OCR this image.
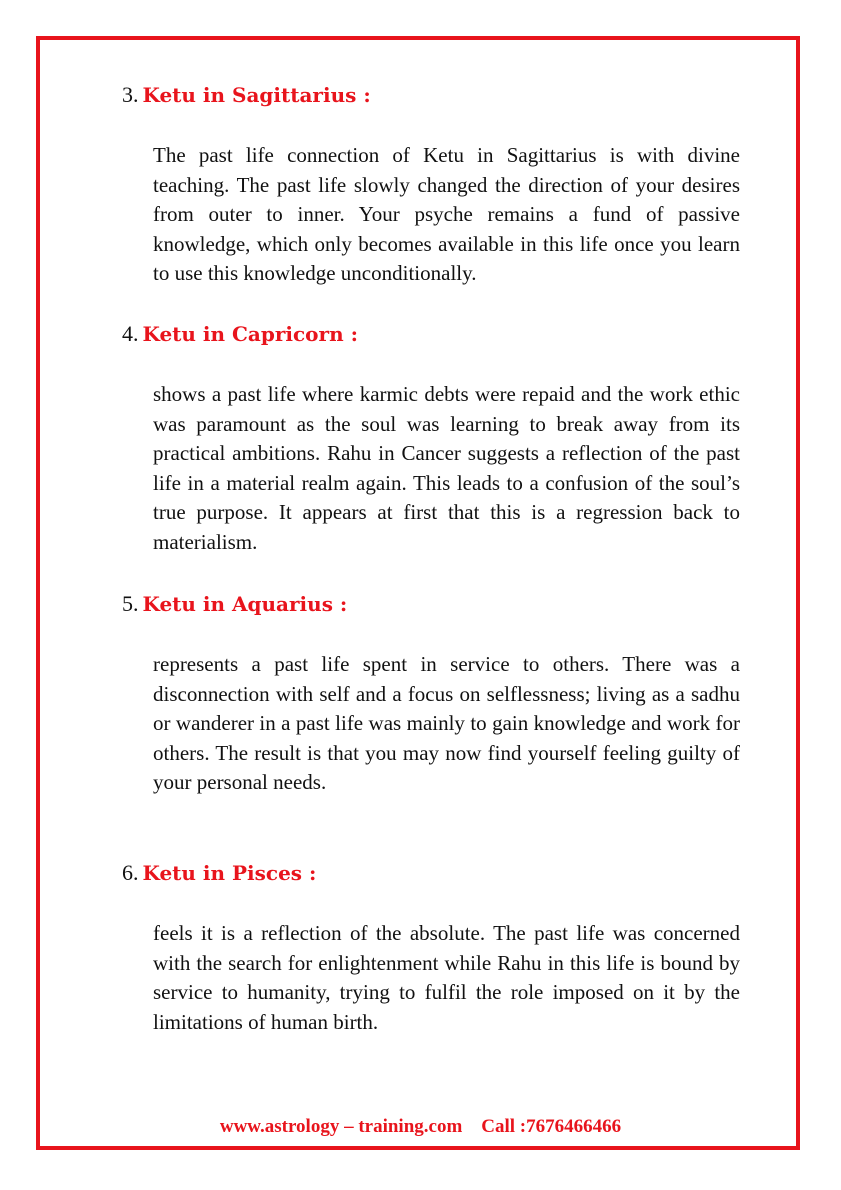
3. Ketu in Sagittarius :

The past life connection of Ketu in Sagittarius is with divine teaching. The past life slowly changed the direction of your desires from outer to inner. Your psyche remains a fund of passive knowledge, which only becomes available in this life once you learn to use this knowledge unconditionally.

4. Ketu in Capricorn :

shows a past life where karmic debts were repaid and the work ethic was paramount as the soul was learning to break away from its practical ambitions. Rahu in Cancer suggests a reflection of the past life in a material realm again. This leads to a confusion of the soul’s true purpose. It appears at first that this is a regression back to materialism.

5. Ketu in Aquarius :

represents a past life spent in service to others. There was a disconnection with self and a focus on selflessness; living as a sadhu or wanderer in a past life was mainly to gain knowledge and work for others. The result is that you may now find yourself feeling guilty of your personal needs.

6. Ketu in Pisces :

feels it is a reflection of the absolute. The past life was concerned with the search for enlightenment while Rahu in this life is bound by service to humanity, trying to fulfil the role imposed on it by the limitations of human birth.

www.astrology – training.com Call :7676466466
